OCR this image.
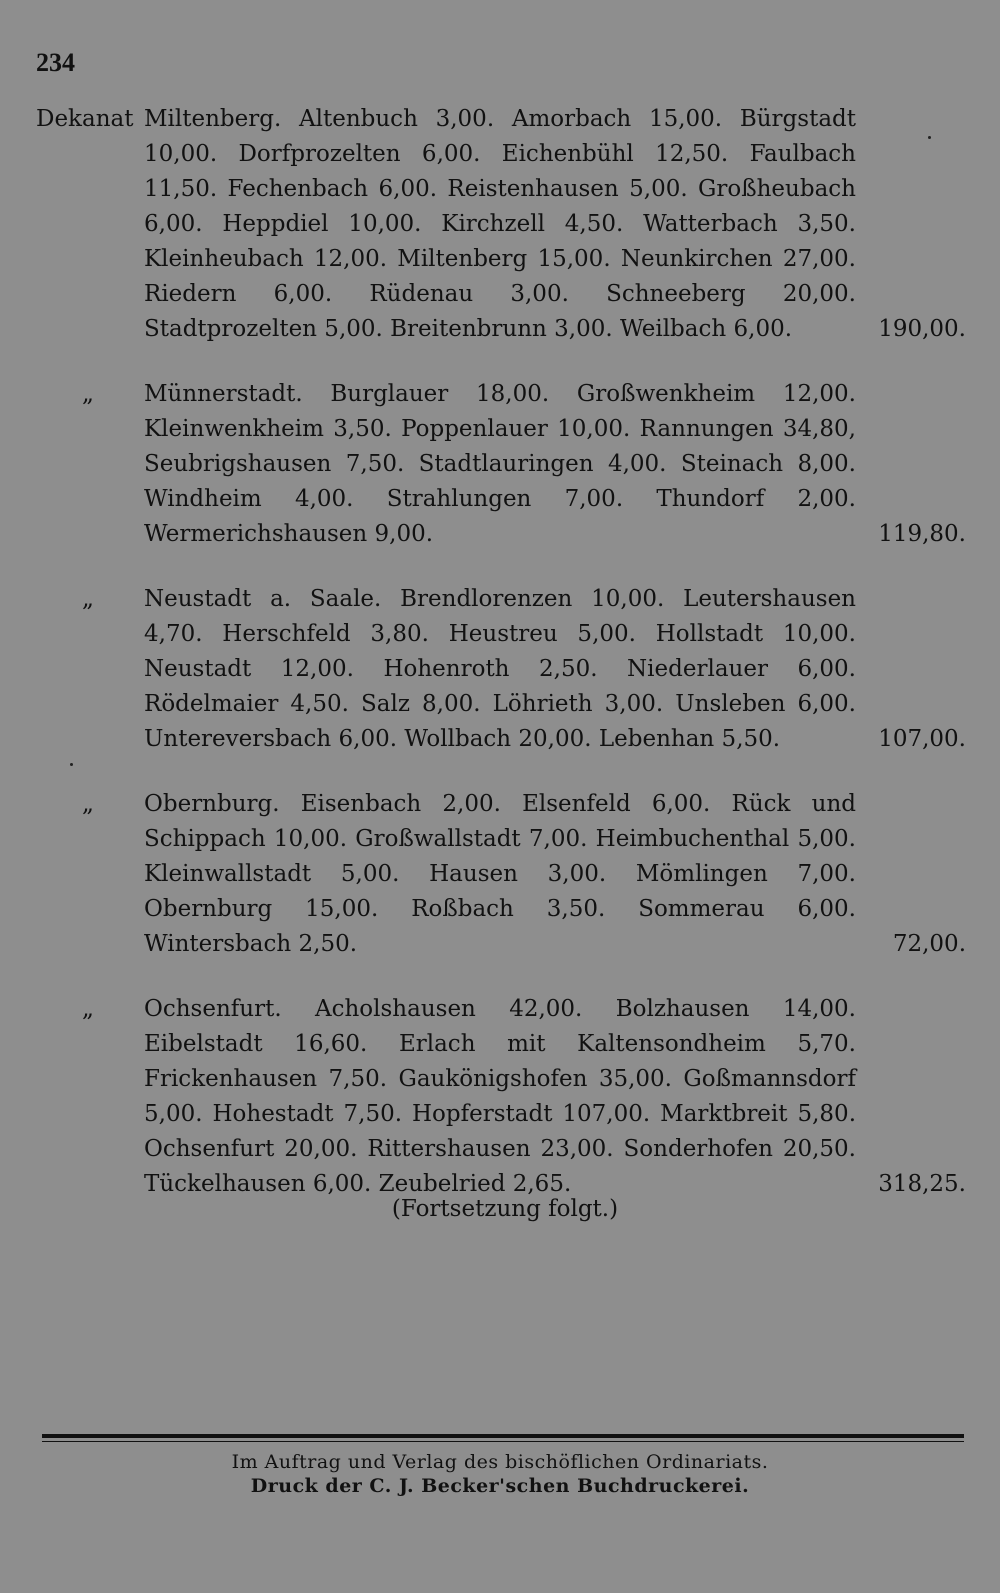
234
Dekanat Miltenberg. Altenbuch 3,00. Amorbach 15,00. Bürgstadt 10,00. Dorfprozelten 6,00. Eichenbühl 12,50. Faulbach 11,50. Fechenbach 6,00. Reistenhausen 5,00. Großheubach 6,00. Heppdiel 10,00. Kirchzell 4,50. Watterbach 3,50. Kleinheubach 12,00. Miltenberg 15,00. Neunkirchen 27,00. Riedern 6,00. Rüdenau 3,00. Schneeberg 20,00. Stadtprozelten 5,00. Breitenbrunn 3,00. Weilbach 6,00.	190,00.
„	Münnerstadt. Burglauer 18,00. Großwenkheim 12,00. Kleinwenkheim 3,50. Poppenlauer 10,00. Rannungen 34,80, Seubrigshausen 7,50. Stadtlauringen 4,00. Steinach 8,00. Windheim 4,00. Strahlungen 7,00. Thundorf 2,00. Wermerichshausen 9,00.	119,80.
„	Neustadt a. Saale. Brendlorenzen 10,00. Leutershausen 4,70. Herschfeld 3,80. Heustreu 5,00. Hollstadt 10,00. Neustadt 12,00. Hohenroth 2,50. Niederlauer 6,00. Rödelmaier 4,50. Salz 8,00. Löhrieth 3,00. Unsleben 6,00. Untereversbach 6,00. Wollbach 20,00. Lebenhan 5,50.	107,00.
„	Obernburg. Eisenbach 2,00. Elsenfeld 6,00. Rück und Schippach 10,00. Großwallstadt 7,00. Heimbuchenthal 5,00. Kleinwallstadt 5,00. Hausen 3,00. Mömlingen 7,00. Obernburg 15,00. Roßbach 3,50. Sommerau 6,00. Wintersbach 2,50.	72,00.
„	Ochsenfurt. Acholshausen 42,00. Bolzhausen 14,00. Eibelstadt 16,60. Erlach mit Kaltensondheim 5,70. Frickenhausen 7,50. Gaukönigshofen 35,00. Goßmannsdorf 5,00. Hohestadt 7,50. Hopferstadt 107,00. Marktbreit 5,80. Ochsenfurt 20,00. Rittershausen 23,00. Sonderhofen 20,50. Tückelhausen 6,00. Zeubelried 2,65.	318,25.
(Fortsetzung folgt.)
Im Auftrag und Verlag des bischöflichen Ordinariats.
Druck der C. J. Becker'schen Buchdruckerei.
